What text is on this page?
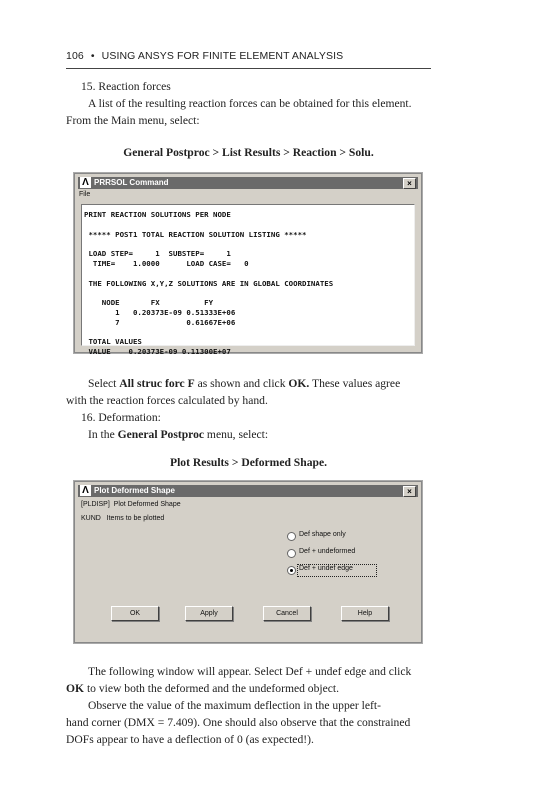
106 • USING ANSYS FOR FINITE ELEMENT ANALYSIS
15. Reaction forces
A list of the resulting reaction forces can be obtained for this element.
From the Main menu, select:
General Postproc > List Results > Reaction > Solu.
Λ PRRSOL Command	×
File
PRINT REACTION SOLUTIONS PER NODE

***** POST1 TOTAL REACTION SOLUTION LISTING *****

LOAD STEP=     1  SUBSTEP=     1
TIME=    1.0000      LOAD CASE=   0

THE FOLLOWING X,Y,Z SOLUTIONS ARE IN GLOBAL COORDINATES

NODE       FX          FY
1   0.20373E-09 0.51333E+06
7               0.61667E+06

TOTAL VALUES
VALUE    0.20373E-09 0.11300E+07
Select All struc forc F as shown and click OK. These values agree
with the reaction forces calculated by hand.
16. Deformation:
In the General Postproc menu, select:
Plot Results > Deformed Shape.
Λ Plot Deformed Shape	×
[PLDISP]  Plot Deformed Shape
KUND   Items to be plotted
Def shape only
Def + undeformed
Def + undef edge
OK	Apply	Cancel	Help
The following window will appear. Select Def + undef edge and click
OK to view both the deformed and the undeformed object.
Observe the value of the maximum deflection in the upper left-
hand corner (DMX = 7.409). One should also observe that the constrained
DOFs appear to have a deflection of 0 (as expected!).
